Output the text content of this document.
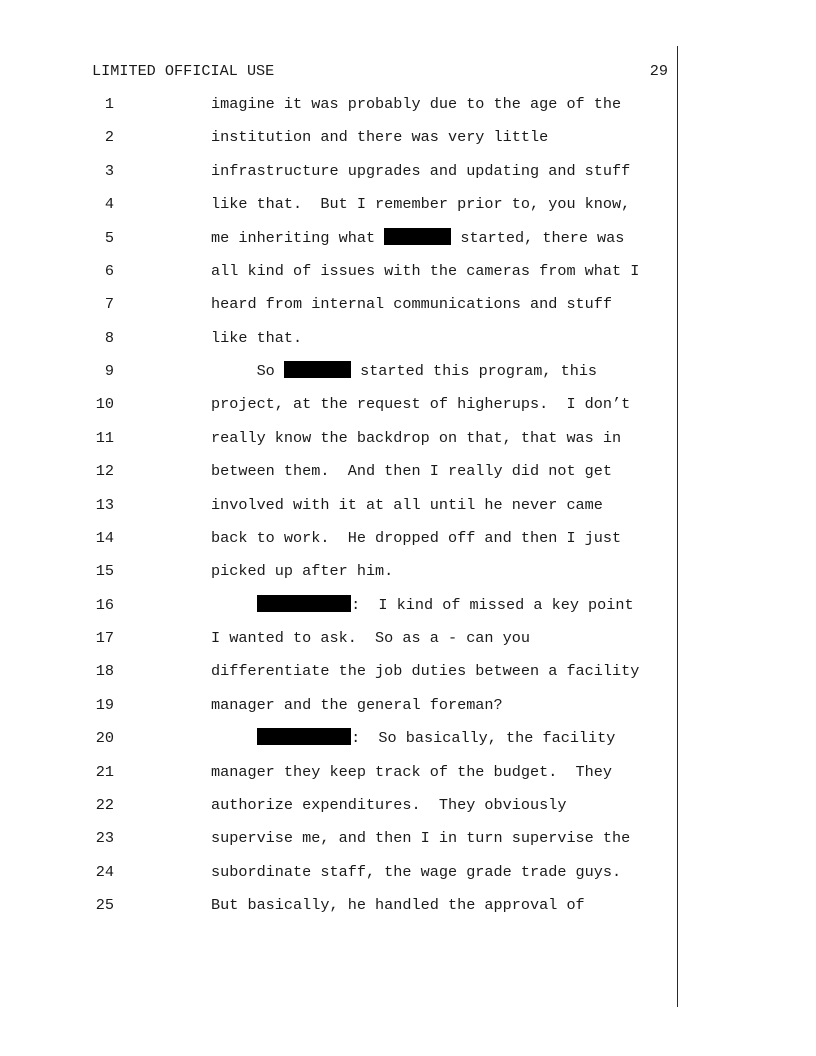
LIMITED OFFICIAL USE	29
1	imagine it was probably due to the age of the
2	institution and there was very little
3	infrastructure upgrades and updating and stuff
4	like that.  But I remember prior to, you know,
5	me inheriting what	started, there was
6	all kind of issues with the cameras from what I
7	heard from internal communications and stuff
8	like that.
9	So	started this program, this
10	project, at the request of higherups.  I don’t
11	really know the backdrop on that, that was in
12	between them.  And then I really did not get
13	involved with it at all until he never came
14	back to work.  He dropped off and then I just
15	picked up after him.
16	:  I kind of missed a key point
17	I wanted to ask.  So as a - can you
18	differentiate the job duties between a facility
19	manager and the general foreman?
20	:  So basically, the facility
21	manager they keep track of the budget.  They
22	authorize expenditures.  They obviously
23	supervise me, and then I in turn supervise the
24	subordinate staff, the wage grade trade guys.
25	But basically, he handled the approval of
